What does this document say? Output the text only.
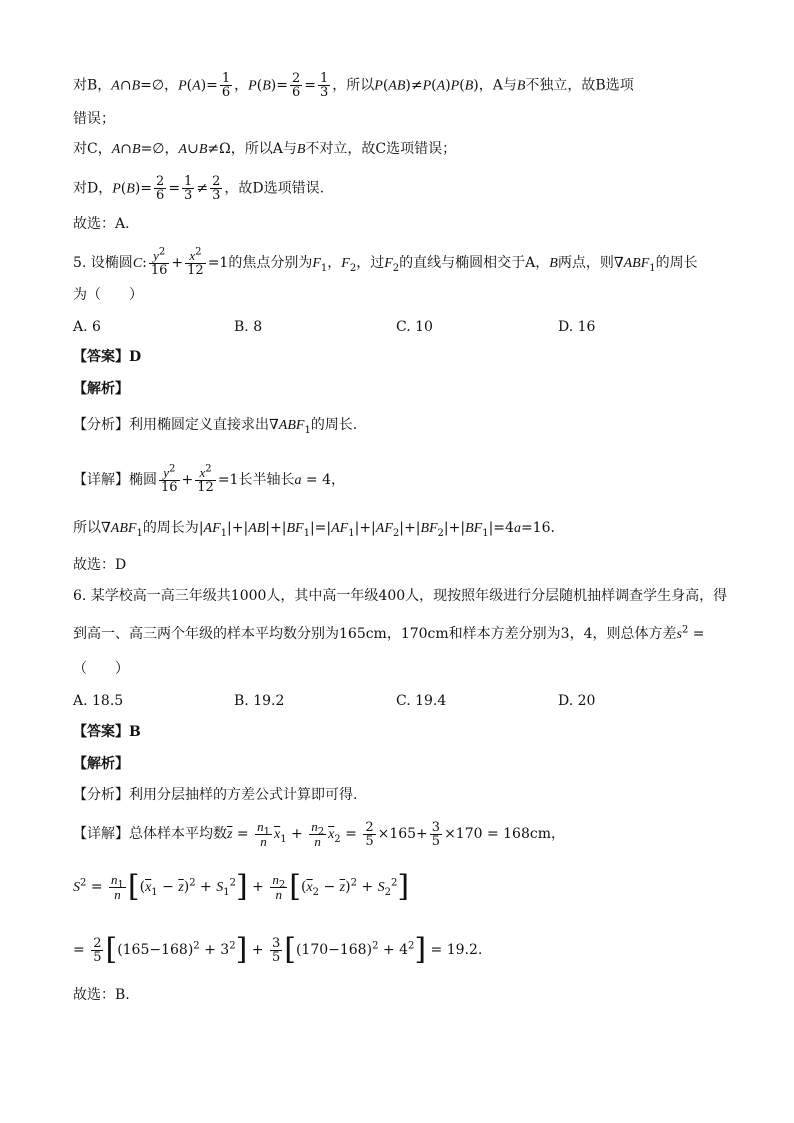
对B，A∩B=∅，$P(A)= \frac{1}{6}$ ，$P(B)= \frac{2}{6} = \frac{1}{3}$ ，所以P(AB)≠P(A)P(B)，A与B不独立，故B选项
错误；
对C，A∩B=∅，A∪B≠Ω，所以A与B不对立，故C选项错误；
对D，$P(B)= \frac{2}{6} = \frac{1}{3} \ne \frac{2}{3}$ ，故D选项错误.
故选：A.
5. 设椭圆C: $\frac{y^2}{16} + \frac{x^2}{12} =1$的焦点分别为$F_1$，$F_2$，过$F_2$的直线与椭圆相交于A，B两点，则$\nabla ABF_1$的周长
为（　　）
A. 6	B. 8	C. 10	D. 16
【答案】D
【解析】
【分析】利用椭圆定义直接求出$\nabla ABF_1$的周长.
【详解】椭圆 $\frac{y^2}{16} + \frac{x^2}{12} =1$长半轴长a = 4，
所以$\nabla ABF_1$的周长为$|AF_1|+|AB|+|BF_1|=|AF_1|+|AF_2|+|BF_2|+|BF_1|=4a=16$.
故选：D
6. 某学校高一高三年级共1000人，其中高一年级400人，现按照年级进行分层随机抽样调查学生身高，得
到高一、高三两个年级的样本平均数分别为165cm，170cm和样本方差分别为3，4，则总体方差$s^2$ =
（　　）
A. 18.5	B. 19.2	C. 19.4	D. 20
【答案】B
【解析】
【分析】利用分层抽样的方差公式计算即可得.
【详解】总体样本平均数$\overline{z} = \frac{n_1}{n} \overline{x}_1 + \frac{n_2}{n} \overline{x}_2 = \frac{2}{5} \times 165+ \frac{3}{5} \times 170 = 168cm$，
$S^2 = \frac{n_1}{n} [(\overline{x}_1 - \overline{z})^2 + S_1^2] + \frac{n_2}{n} [(\overline{x}_2 - \overline{z})^2 + S_2^2]$
= $\frac{2}{5} [(165-168)^2 + 3^2] + \frac{3}{5} [(170-168)^2 + 4^2] = 19.2$.
故选：B.
